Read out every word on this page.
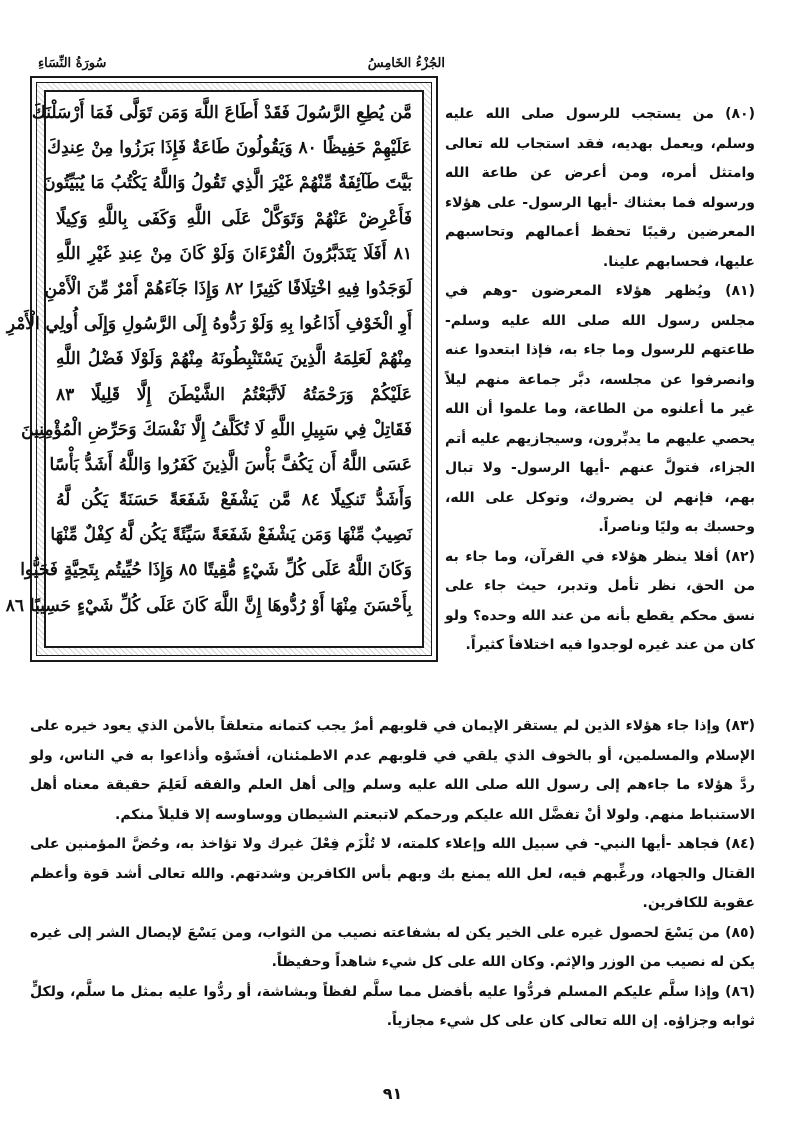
الجُزْءُ الخَامِسُ
سُورَةُ النِّسَاءِ
مَّن يُطِعِ الرَّسُولَ فَقَدْ أَطَاعَ اللَّهَ وَمَن تَوَلَّى فَمَا أَرْسَلْنَكَ
عَلَيْهِمْ حَفِيظًا ٨٠ وَيَقُولُونَ طَاعَةٌ فَإِذَا بَرَزُوا مِنْ عِندِكَ
بَيَّتَ طَآئِفَةٌ مِّنْهُمْ غَيْرَ الَّذِي تَقُولُ وَاللَّهُ يَكْتُبُ مَا يُبَيِّتُونَ
فَأَعْرِضْ عَنْهُمْ وَتَوَكَّلْ عَلَى اللَّهِ وَكَفَى بِاللَّهِ وَكِيلًا
٨١ أَفَلَا يَتَدَبَّرُونَ الْقُرْءَانَ وَلَوْ كَانَ مِنْ عِندِ غَيْرِ اللَّهِ
لَوَجَدُوا فِيهِ اخْتِلَافًا كَثِيرًا ٨٢ وَإِذَا جَآءَهُمْ أَمْرٌ مِّنَ الْأَمْنِ
أَوِ الْخَوْفِ أَذَاعُوا بِهِ وَلَوْ رَدُّوهُ إِلَى الرَّسُولِ وَإِلَى أُولِي الْأَمْرِ
مِنْهُمْ لَعَلِمَهُ الَّذِينَ يَسْتَنْبِطُونَهُ مِنْهُمْ وَلَوْلَا فَضْلُ اللَّهِ
عَلَيْكُمْ وَرَحْمَتُهُ لَاتَّبَعْتُمُ الشَّيْطَنَ إِلَّا قَلِيلًا ٨٣
فَقَاتِلْ فِي سَبِيلِ اللَّهِ لَا تُكَلَّفُ إِلَّا نَفْسَكَ وَحَرِّضِ الْمُؤْمِنِينَ
عَسَى اللَّهُ أَن يَكُفَّ بَأْسَ الَّذِينَ كَفَرُوا وَاللَّهُ أَشَدُّ بَأْسًا
وَأَشَدُّ تَنكِيلًا ٨٤ مَّن يَشْفَعْ شَفَعَةً حَسَنَةً يَكُن لَّهُ
نَصِيبٌ مِّنْهَا وَمَن يَشْفَعْ شَفَعَةً سَيِّئَةً يَكُن لَّهُ كِفْلٌ مِّنْهَا
وَكَانَ اللَّهُ عَلَى كُلِّ شَيْءٍ مُّقِيتًا ٨٥ وَإِذَا حُيِّيتُم بِتَحِيَّةٍ فَحَيُّوا
بِأَحْسَنَ مِنْهَا أَوْ رُدُّوهَا إِنَّ اللَّهَ كَانَ عَلَى كُلِّ شَيْءٍ حَسِيبًا ٨٦

(٨٠) من يستجب للرسول صلى الله عليه وسلم، ويعمل بهديه، فقد استجاب لله تعالى وامتثل أمره، ومن أعرض عن طاعة الله ورسوله فما بعثناك -أيها الرسول- على هؤلاء المعرضين رقيبًا تحفظ أعمالهم وتحاسبهم عليها، فحسابهم علينا.

(٨١) ويُظهر هؤلاء المعرضون -وهم في مجلس رسول الله صلى الله عليه وسلم- طاعتهم للرسول وما جاء به، فإذا ابتعدوا عنه وانصرفوا عن مجلسه، دبَّر جماعة منهم ليلاً غير ما أعلنوه من الطاعة، وما علموا أن الله يحصي عليهم ما يدبِّرون، وسيجازيهم عليه أتم الجزاء، فتولَّ عنهم -أيها الرسول- ولا تبال بهم، فإنهم لن يضروك، وتوكل على الله، وحسبك به وليًا وناصراً.

(٨٢) أفلا ينظر هؤلاء في القرآن، وما جاء به من الحق، نظر تأمل وتدبر، حيث جاء على نسق محكم يقطع بأنه من عند الله وحده؟ ولو كان من عند غيره لوجدوا فيه اختلافاً كثيراً.

(٨٣) وإذا جاء هؤلاء الذين لم يستقر الإيمان في قلوبهم أمرٌ يجب كتمانه متعلقاً بالأمن الذي يعود خيره على الإسلام والمسلمين، أو بالخوف الذي يلقي في قلوبهم عدم الاطمئنان، أفشَوْه وأذاعوا به في الناس، ولو ردَّ هؤلاء ما جاءهم إلى رسول الله صلى الله عليه وسلم وإلى أهل العلم والفقه لَعَلِمَ حقيقة معناه أهل الاستنباط منهم. ولولا أنْ تفضَّل الله عليكم ورحمكم لاتبعتم الشيطان ووساوسه إلا قليلاً منكم.

(٨٤) فجاهد -أيها النبي- في سبيل الله وإعلاء كلمته، لا تُلْزَم فِعْلَ غيرك ولا تؤاخذ به، وحُضَّ المؤمنين على القتال والجهاد، ورغِّبهم فيه، لعل الله يمنع بك وبهم بأس الكافرين وشدتهم. والله تعالى أشد قوة وأعظم عقوبة للكافرين.

(٨٥) من يَسْعَ لحصول غيره على الخير يكن له بشفاعته نصيب من الثواب، ومن يَسْعَ لإيصال الشر إلى غيره يكن له نصيب من الوزر والإثم. وكان الله على كل شيء شاهداً وحفيظاً.

(٨٦) وإذا سلَّم عليكم المسلم فردُّوا عليه بأفضل مما سلَّم لفظاً وبشاشة، أو ردُّوا عليه بمثل ما سلَّم، ولكلٍّ ثوابه وجزاؤه. إن الله تعالى كان على كل شيء مجازياً.

٩١
